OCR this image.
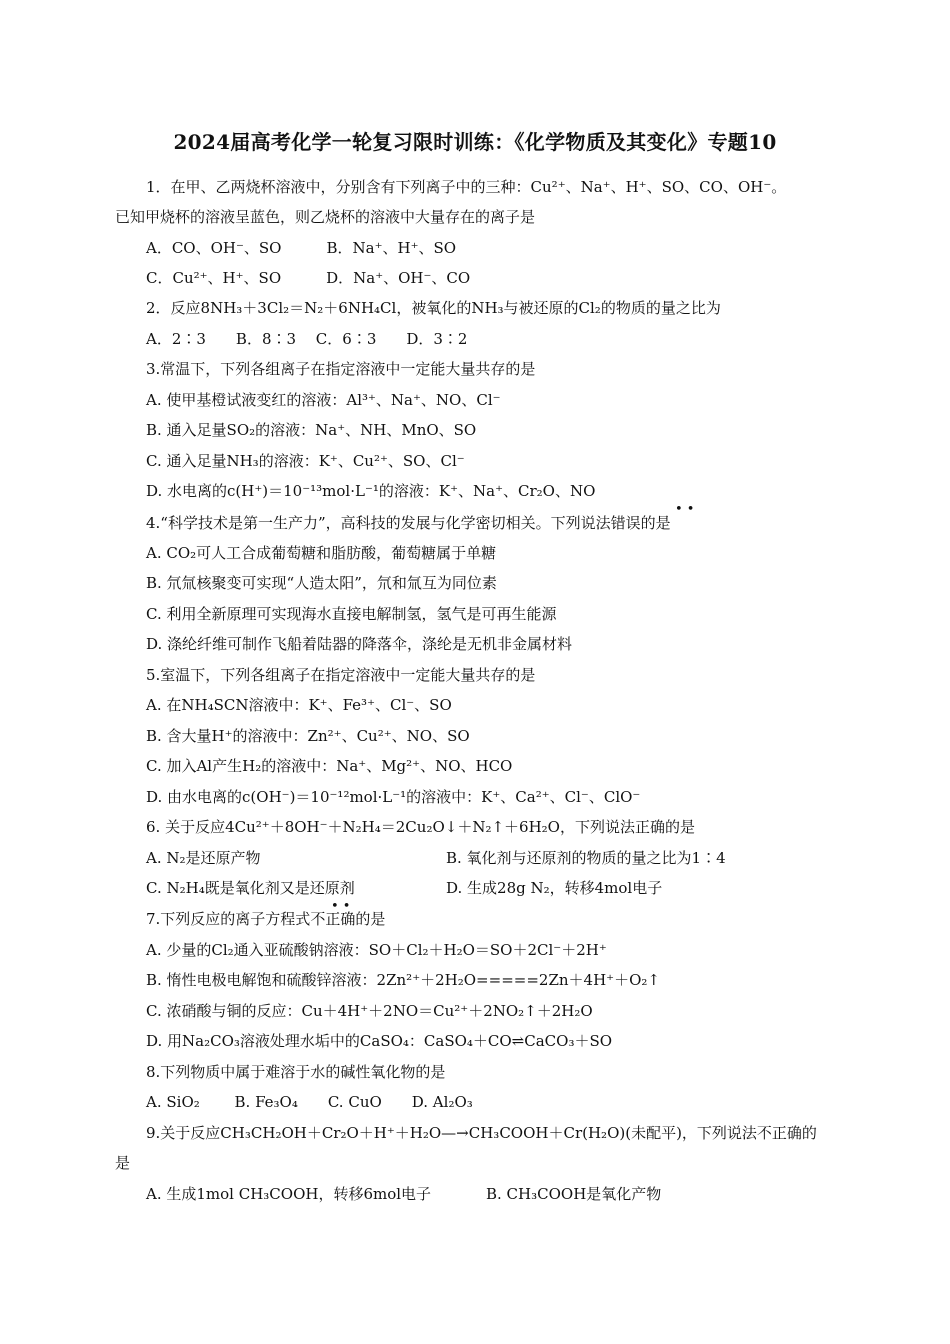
2024届高考化学一轮复习限时训练：《化学物质及其变化》专题10
1．在甲、乙两烧杯溶液中，分别含有下列离子中的三种：Cu²⁺、Na⁺、H⁺、SO、CO、OH⁻。
已知甲烧杯的溶液呈蓝色，则乙烧杯的溶液中大量存在的离子是
A．CO、OH⁻、SO　　　B．Na⁺、H⁺、SO
C．Cu²⁺、H⁺、SO　　　D．Na⁺、OH⁻、CO
2．反应8NH₃＋3Cl₂＝N₂＋6NH₄Cl，被氧化的NH₃与被还原的Cl₂的物质的量之比为
A．2∶3　　B．8∶3　 C．6∶3　　D．3∶2
3.常温下，下列各组离子在指定溶液中一定能大量共存的是
A. 使甲基橙试液变红的溶液：Al³⁺、Na⁺、NO、Cl⁻
B. 通入足量SO₂的溶液：Na⁺、NH、MnO、SO
C. 通入足量NH₃的溶液：K⁺、Cu²⁺、SO、Cl⁻
D. 水电离的c(H⁺)＝10⁻¹³mol·L⁻¹的溶液：K⁺、Na⁺、Cr₂O、NO
• •
4.“科学技术是第一生产力”，高科技的发展与化学密切相关。下列说法错误的是
A. CO₂可人工合成葡萄糖和脂肪酸，葡萄糖属于单糖
B. 氘氚核聚变可实现“人造太阳”，氘和氚互为同位素
C. 利用全新原理可实现海水直接电解制氢，氢气是可再生能源
D. 涤纶纤维可制作飞船着陆器的降落伞，涤纶是无机非金属材料
5.室温下，下列各组离子在指定溶液中一定能大量共存的是
A. 在NH₄SCN溶液中：K⁺、Fe³⁺、Cl⁻、SO
B. 含大量H⁺的溶液中：Zn²⁺、Cu²⁺、NO、SO
C. 加入Al产生H₂的溶液中：Na⁺、Mg²⁺、NO、HCO
D. 由水电离的c(OH⁻)＝10⁻¹²mol·L⁻¹的溶液中：K⁺、Ca²⁺、Cl⁻、ClO⁻
6. 关于反应4Cu²⁺＋8OH⁻＋N₂H₄＝2Cu₂O↓＋N₂↑＋6H₂O，下列说法正确的是
A. N₂是还原产物	B. 氧化剂与还原剂的物质的量之比为1∶4
C. N₂H₄既是氧化剂又是还原剂	D. 生成28g N₂，转移4mol电子
• •
7.下列反应的离子方程式不正确的是
A. 少量的Cl₂通入亚硫酸钠溶液：SO＋Cl₂＋H₂O＝SO＋2Cl⁻＋2H⁺
B. 惰性电极电解饱和硫酸锌溶液：2Zn²⁺＋2H₂O=====2Zn＋4H⁺＋O₂↑
C. 浓硝酸与铜的反应：Cu＋4H⁺＋2NO＝Cu²⁺＋2NO₂↑＋2H₂O
D. 用Na₂CO₃溶液处理水垢中的CaSO₄：CaSO₄＋CO⇌CaCO₃＋SO
8.下列物质中属于难溶于水的碱性氧化物的是
A. SiO₂　　 B. Fe₃O₄　　C. CuO　　D. Al₂O₃
9.关于反应CH₃CH₂OH＋Cr₂O＋H⁺＋H₂O—→CH₃COOH＋Cr(H₂O)(未配平)，下列说法不正确的
是
A. 生成1mol CH₃COOH，转移6mol电子	B. CH₃COOH是氧化产物
